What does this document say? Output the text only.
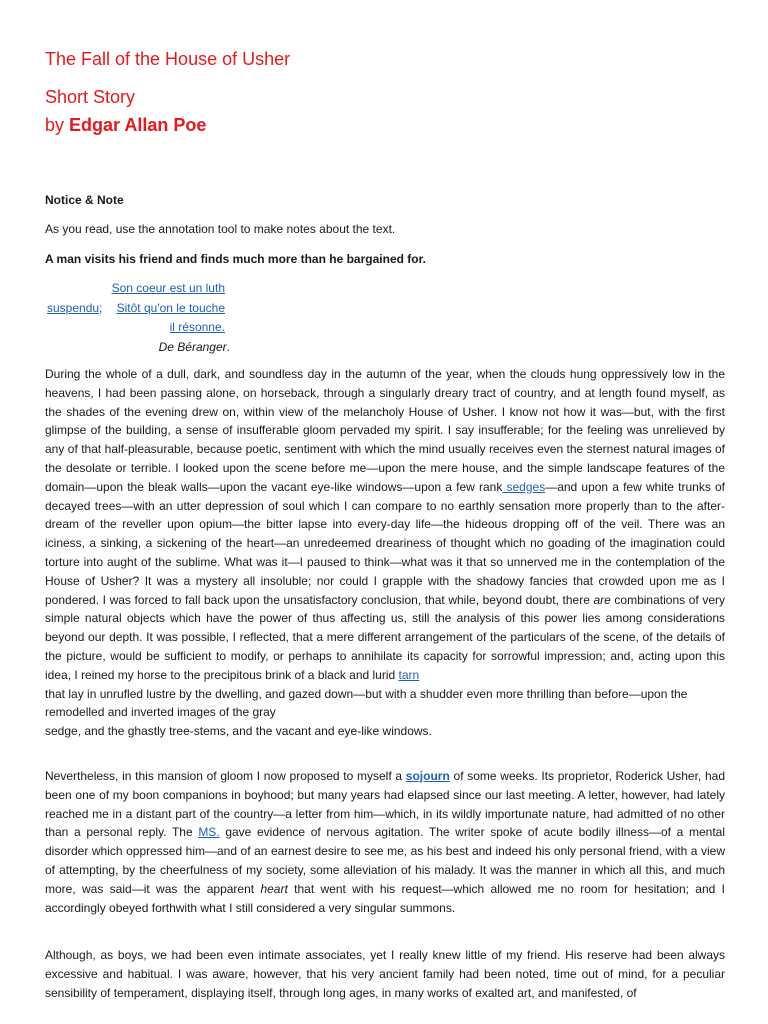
The Fall of the House of Usher

Short Story

by Edgar Allan Poe

Notice & Note

As you read, use the annotation tool to make notes about the text.

A man visits his friend and finds much more than he bargained for.

Son coeur est un luth
suspendu; Sitôt qu'on le touche
il résonne.
De Béranger.

During the whole of a dull, dark, and soundless day in the autumn of the year, when the clouds hung oppressively low in the heavens, I had been passing alone, on horseback, through a singularly dreary tract of country, and at length found myself, as the shades of the evening drew on, within view of the melancholy House of Usher. I know not how it was—but, with the first glimpse of the building, a sense of insufferable gloom pervaded my spirit. I say insufferable; for the feeling was unrelieved by any of that half-pleasurable, because poetic, sentiment with which the mind usually receives even the sternest natural images of the desolate or terrible. I looked upon the scene before me—upon the mere house, and the simple landscape features of the domain—upon the bleak walls—upon the vacant eye-like windows—upon a few rank sedges—and upon a few white trunks of decayed trees—with an utter depression of soul which I can compare to no earthly sensation more properly than to the after-dream of the reveller upon opium—the bitter lapse into every-day life—the hideous dropping off of the veil. There was an iciness, a sinking, a sickening of the heart—an unredeemed dreariness of thought which no goading of the imagination could torture into aught of the sublime. What was it—I paused to think—what was it that so unnerved me in the contemplation of the House of Usher? It was a mystery all insoluble; nor could I grapple with the shadowy fancies that crowded upon me as I pondered. I was forced to fall back upon the unsatisfactory conclusion, that while, beyond doubt, there are combinations of very simple natural objects which have the power of thus affecting us, still the analysis of this power lies among considerations beyond our depth. It was possible, I reflected, that a mere different arrangement of the particulars of the scene, of the details of the picture, would be sufficient to modify, or perhaps to annihilate its capacity for sorrowful impression; and, acting upon this idea, I reined my horse to the precipitous brink of a black and lurid tarn
that lay in unrufled lustre by the dwelling, and gazed down—but with a shudder even more thrilling than before—upon the remodelled and inverted images of the gray
sedge, and the ghastly tree-stems, and the vacant and eye-like windows.

Nevertheless, in this mansion of gloom I now proposed to myself a sojourn of some weeks. Its proprietor, Roderick Usher, had been one of my boon companions in boyhood; but many years had elapsed since our last meeting. A letter, however, had lately reached me in a distant part of the country—a letter from him—which, in its wildly importunate nature, had admitted of no other than a personal reply. The MS. gave evidence of nervous agitation. The writer spoke of acute bodily illness—of a mental disorder which oppressed him—and of an earnest desire to see me, as his best and indeed his only personal friend, with a view of attempting, by the cheerfulness of my society, some alleviation of his malady. It was the manner in which all this, and much more, was said—it was the apparent heart that went with his request—which allowed me no room for hesitation; and I accordingly obeyed forthwith what I still considered a very singular summons.

Although, as boys, we had been even intimate associates, yet I really knew little of my friend. His reserve had been always excessive and habitual. I was aware, however, that his very ancient family had been noted, time out of mind, for a peculiar sensibility of temperament, displaying itself, through long ages, in many works of exalted art, and manifested, of
